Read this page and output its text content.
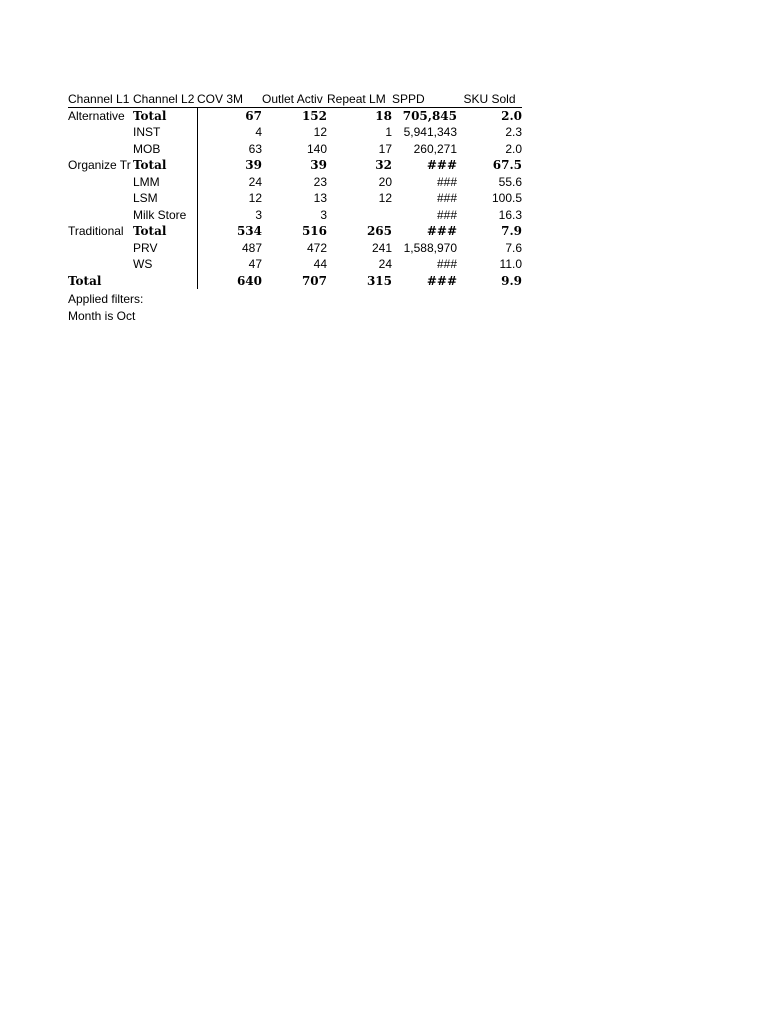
Channel L1	Channel L2	COV 3M	Outlet Activ	Repeat LM	SPPD	SKU Sold
Alternative	Total	67	152	18	705,845	2.0
	INST	4	12	1	5,941,343	2.3
	MOB	63	140	17	260,271	2.0
Organize Tr	Total	39	39	32	###	67.5
	LMM	24	23	20	###	55.6
	LSM	12	13	12	###	100.5
	Milk Store	3	3		###	16.3
Traditional	Total	534	516	265	###	7.9
	PRV	487	472	241	1,588,970	7.6
	WS	47	44	24	###	11.0
Total		640	707	315	###	9.9
Applied filters:
Month is Oct
